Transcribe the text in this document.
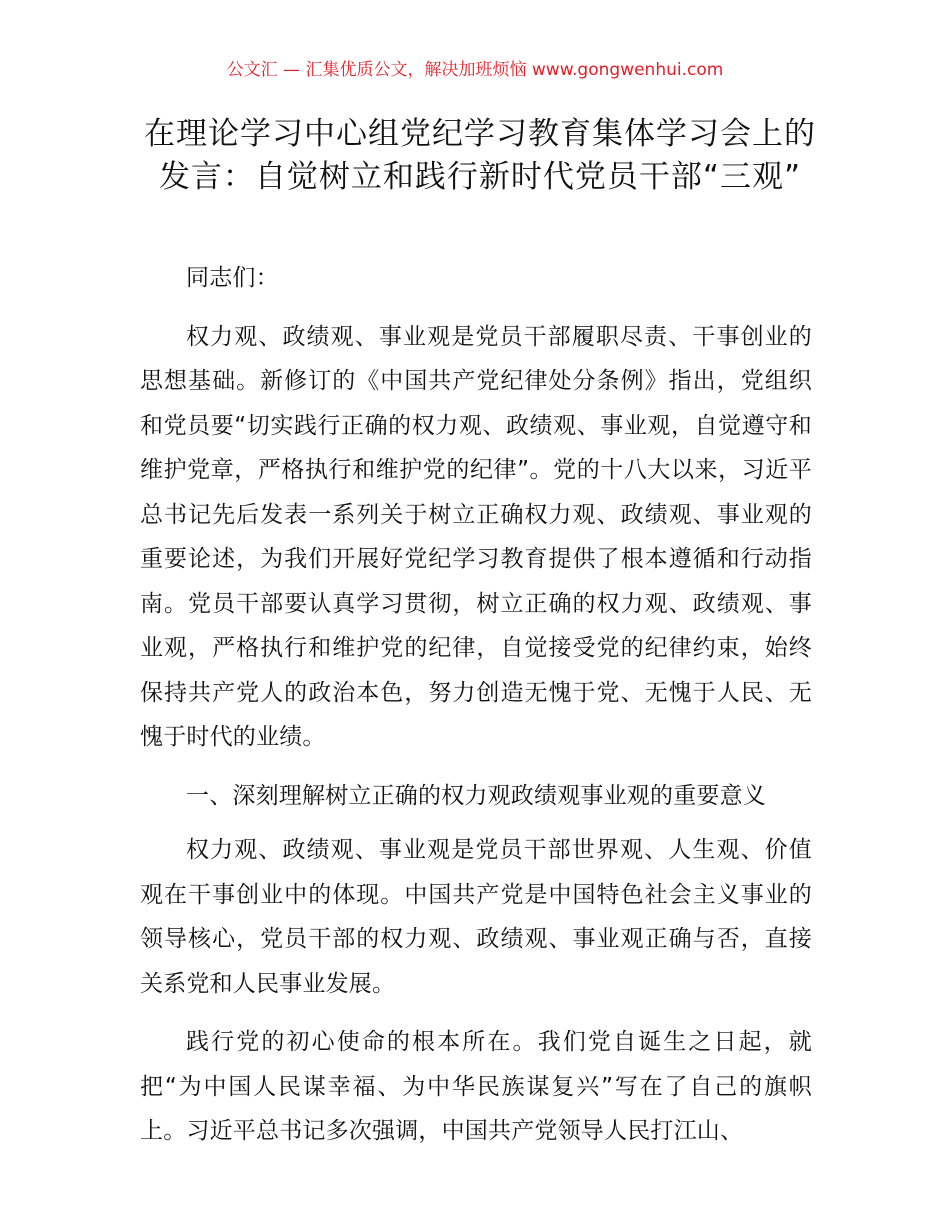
公文汇 — 汇集优质公文，解决加班烦恼 www.gongwenhui.com
在理论学习中心组党纪学习教育集体学习会上的发言：自觉树立和践行新时代党员干部“三观”

同志们：

权力观、政绩观、事业观是党员干部履职尽责、干事创业的思想基础。新修订的《中国共产党纪律处分条例》指出，党组织和党员要“切实践行正确的权力观、政绩观、事业观，自觉遵守和维护党章，严格执行和维护党的纪律”。党的十八大以来，习近平总书记先后发表一系列关于树立正确权力观、政绩观、事业观的重要论述，为我们开展好党纪学习教育提供了根本遵循和行动指南。党员干部要认真学习贯彻，树立正确的权力观、政绩观、事业观，严格执行和维护党的纪律，自觉接受党的纪律约束，始终保持共产党人的政治本色，努力创造无愧于党、无愧于人民、无愧于时代的业绩。

一、深刻理解树立正确的权力观政绩观事业观的重要意义

权力观、政绩观、事业观是党员干部世界观、人生观、价值观在干事创业中的体现。中国共产党是中国特色社会主义事业的领导核心，党员干部的权力观、政绩观、事业观正确与否，直接关系党和人民事业发展。

践行党的初心使命的根本所在。我们党自诞生之日起，就把“为中国人民谋幸福、为中华民族谋复兴”写在了自己的旗帜上。习近平总书记多次强调，中国共产党领导人民打江山、
